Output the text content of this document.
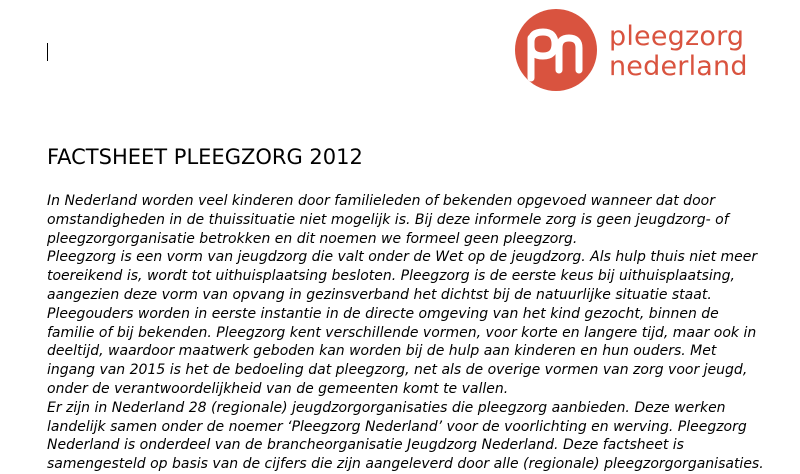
pleegzorg
nederland
FACTSHEET PLEEGZORG 2012
In Nederland worden veel kinderen door familieleden of bekenden opgevoed wanneer dat door
omstandigheden in de thuissituatie niet mogelijk is. Bij deze informele zorg is geen jeugdzorg- of
pleegzorgorganisatie betrokken en dit noemen we formeel geen pleegzorg.
Pleegzorg is een vorm van jeugdzorg die valt onder de Wet op de jeugdzorg. Als hulp thuis niet meer
toereikend is, wordt tot uithuisplaatsing besloten. Pleegzorg is de eerste keus bij uithuisplaatsing,
aangezien deze vorm van opvang in gezinsverband het dichtst bij de natuurlijke situatie staat.
Pleegouders worden in eerste instantie in de directe omgeving van het kind gezocht, binnen de
familie of bij bekenden. Pleegzorg kent verschillende vormen, voor korte en langere tijd, maar ook in
deeltijd, waardoor maatwerk geboden kan worden bij de hulp aan kinderen en hun ouders. Met
ingang van 2015 is het de bedoeling dat pleegzorg, net als de overige vormen van zorg voor jeugd,
onder de verantwoordelijkheid van de gemeenten komt te vallen.
Er zijn in Nederland 28 (regionale) jeugdzorgorganisaties die pleegzorg aanbieden. Deze werken
landelijk samen onder de noemer ‘Pleegzorg Nederland’ voor de voorlichting en werving. Pleegzorg
Nederland is onderdeel van de brancheorganisatie Jeugdzorg Nederland. Deze factsheet is
samengesteld op basis van de cijfers die zijn aangeleverd door alle (regionale) pleegzorgorganisaties.
